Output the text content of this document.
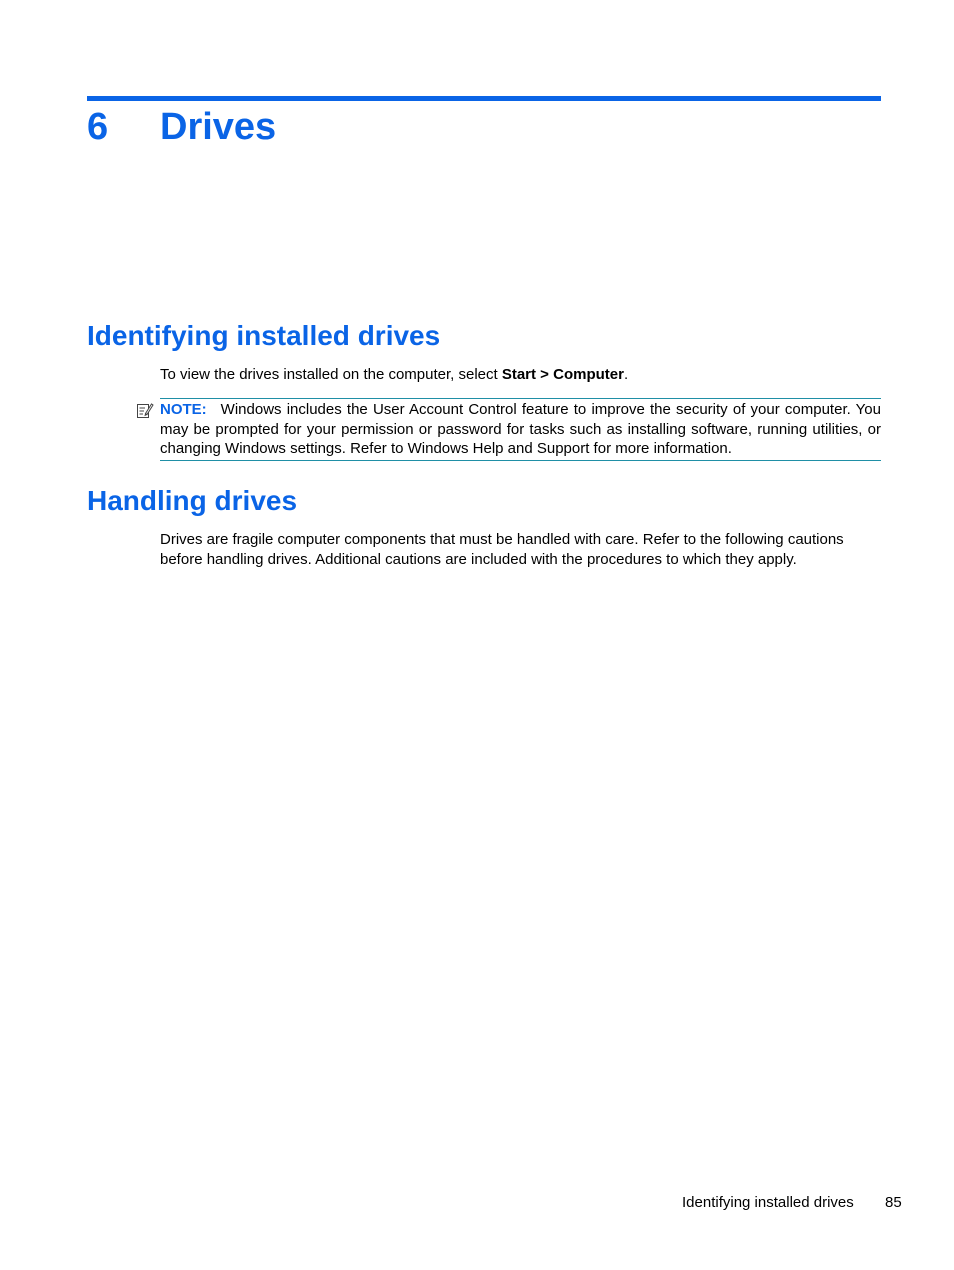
6 Drives
Identifying installed drives
To view the drives installed on the computer, select Start > Computer.
NOTE: Windows includes the User Account Control feature to improve the security of your computer. You may be prompted for your permission or password for tasks such as installing software, running utilities, or changing Windows settings. Refer to Windows Help and Support for more information.
Handling drives
Drives are fragile computer components that must be handled with care. Refer to the following cautions before handling drives. Additional cautions are included with the procedures to which they apply.
Identifying installed drives 85
